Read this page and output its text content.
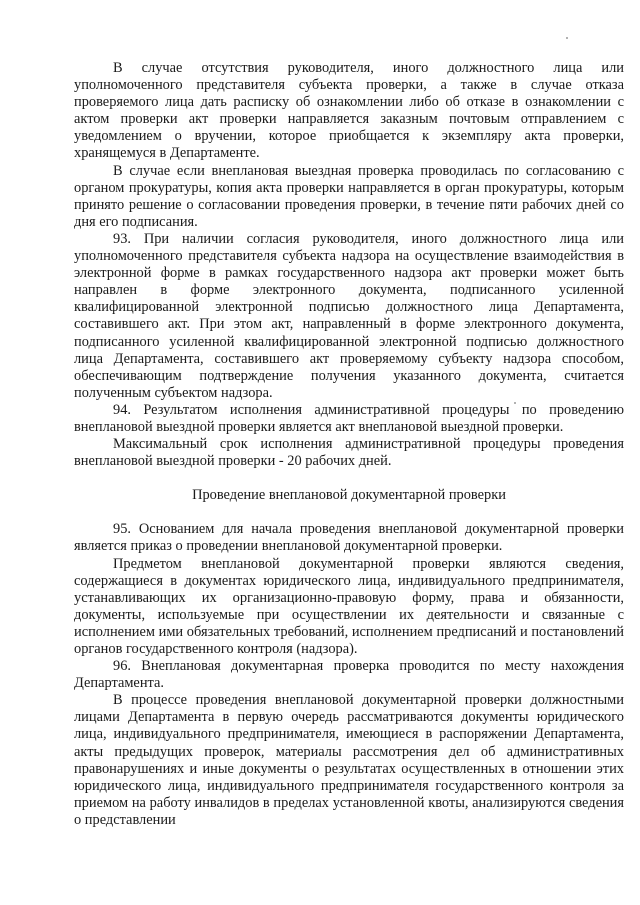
В случае отсутствия руководителя, иного должностного лица или уполномоченного представителя субъекта проверки, а также в случае отказа проверяемого лица дать расписку об ознакомлении либо об отказе в ознакомлении с актом проверки акт проверки направляется заказным почтовым отправлением с уведомлением о вручении, которое приобщается к экземпляру акта проверки, хранящемуся в Департаменте.

В случае если внеплановая выездная проверка проводилась по согласованию с органом прокуратуры, копия акта проверки направляется в орган прокуратуры, которым принято решение о согласовании проведения проверки, в течение пяти рабочих дней со дня его подписания.

93. При наличии согласия руководителя, иного должностного лица или уполномоченного представителя субъекта надзора на осуществление взаимодействия в электронной форме в рамках государственного надзора акт проверки может быть направлен в форме электронного документа, подписанного усиленной квалифицированной электронной подписью должностного лица Департамента, составившего акт. При этом акт, направленный в форме электронного документа, подписанного усиленной квалифицированной электронной подписью должностного лица Департамента, составившего акт проверяемому субъекту надзора способом, обеспечивающим подтверждение получения указанного документа, считается полученным субъектом надзора.

94. Результатом исполнения административной процедуры по проведению внеплановой выездной проверки является акт внеплановой выездной проверки.

Максимальный срок исполнения административной процедуры проведения внеплановой выездной проверки - 20 рабочих дней.

Проведение внеплановой документарной проверки

95. Основанием для начала проведения внеплановой документарной проверки является приказ о проведении внеплановой документарной проверки.

Предметом внеплановой документарной проверки являются сведения, содержащиеся в документах юридического лица, индивидуального предпринимателя, устанавливающих их организационно-правовую форму, права и обязанности, документы, используемые при осуществлении их деятельности и связанные с исполнением ими обязательных требований, исполнением предписаний и постановлений органов государственного контроля (надзора).

96. Внеплановая документарная проверка проводится по месту нахождения Департамента.

В процессе проведения внеплановой документарной проверки должностными лицами Департамента в первую очередь рассматриваются документы юридического лица, индивидуального предпринимателя, имеющиеся в распоряжении Департамента, акты предыдущих проверок, материалы рассмотрения дел об административных правонарушениях и иные документы о результатах осуществленных в отношении этих юридического лица, индивидуального предпринимателя государственного контроля за приемом на работу инвалидов в пределах установленной квоты, анализируются сведения о представлении
